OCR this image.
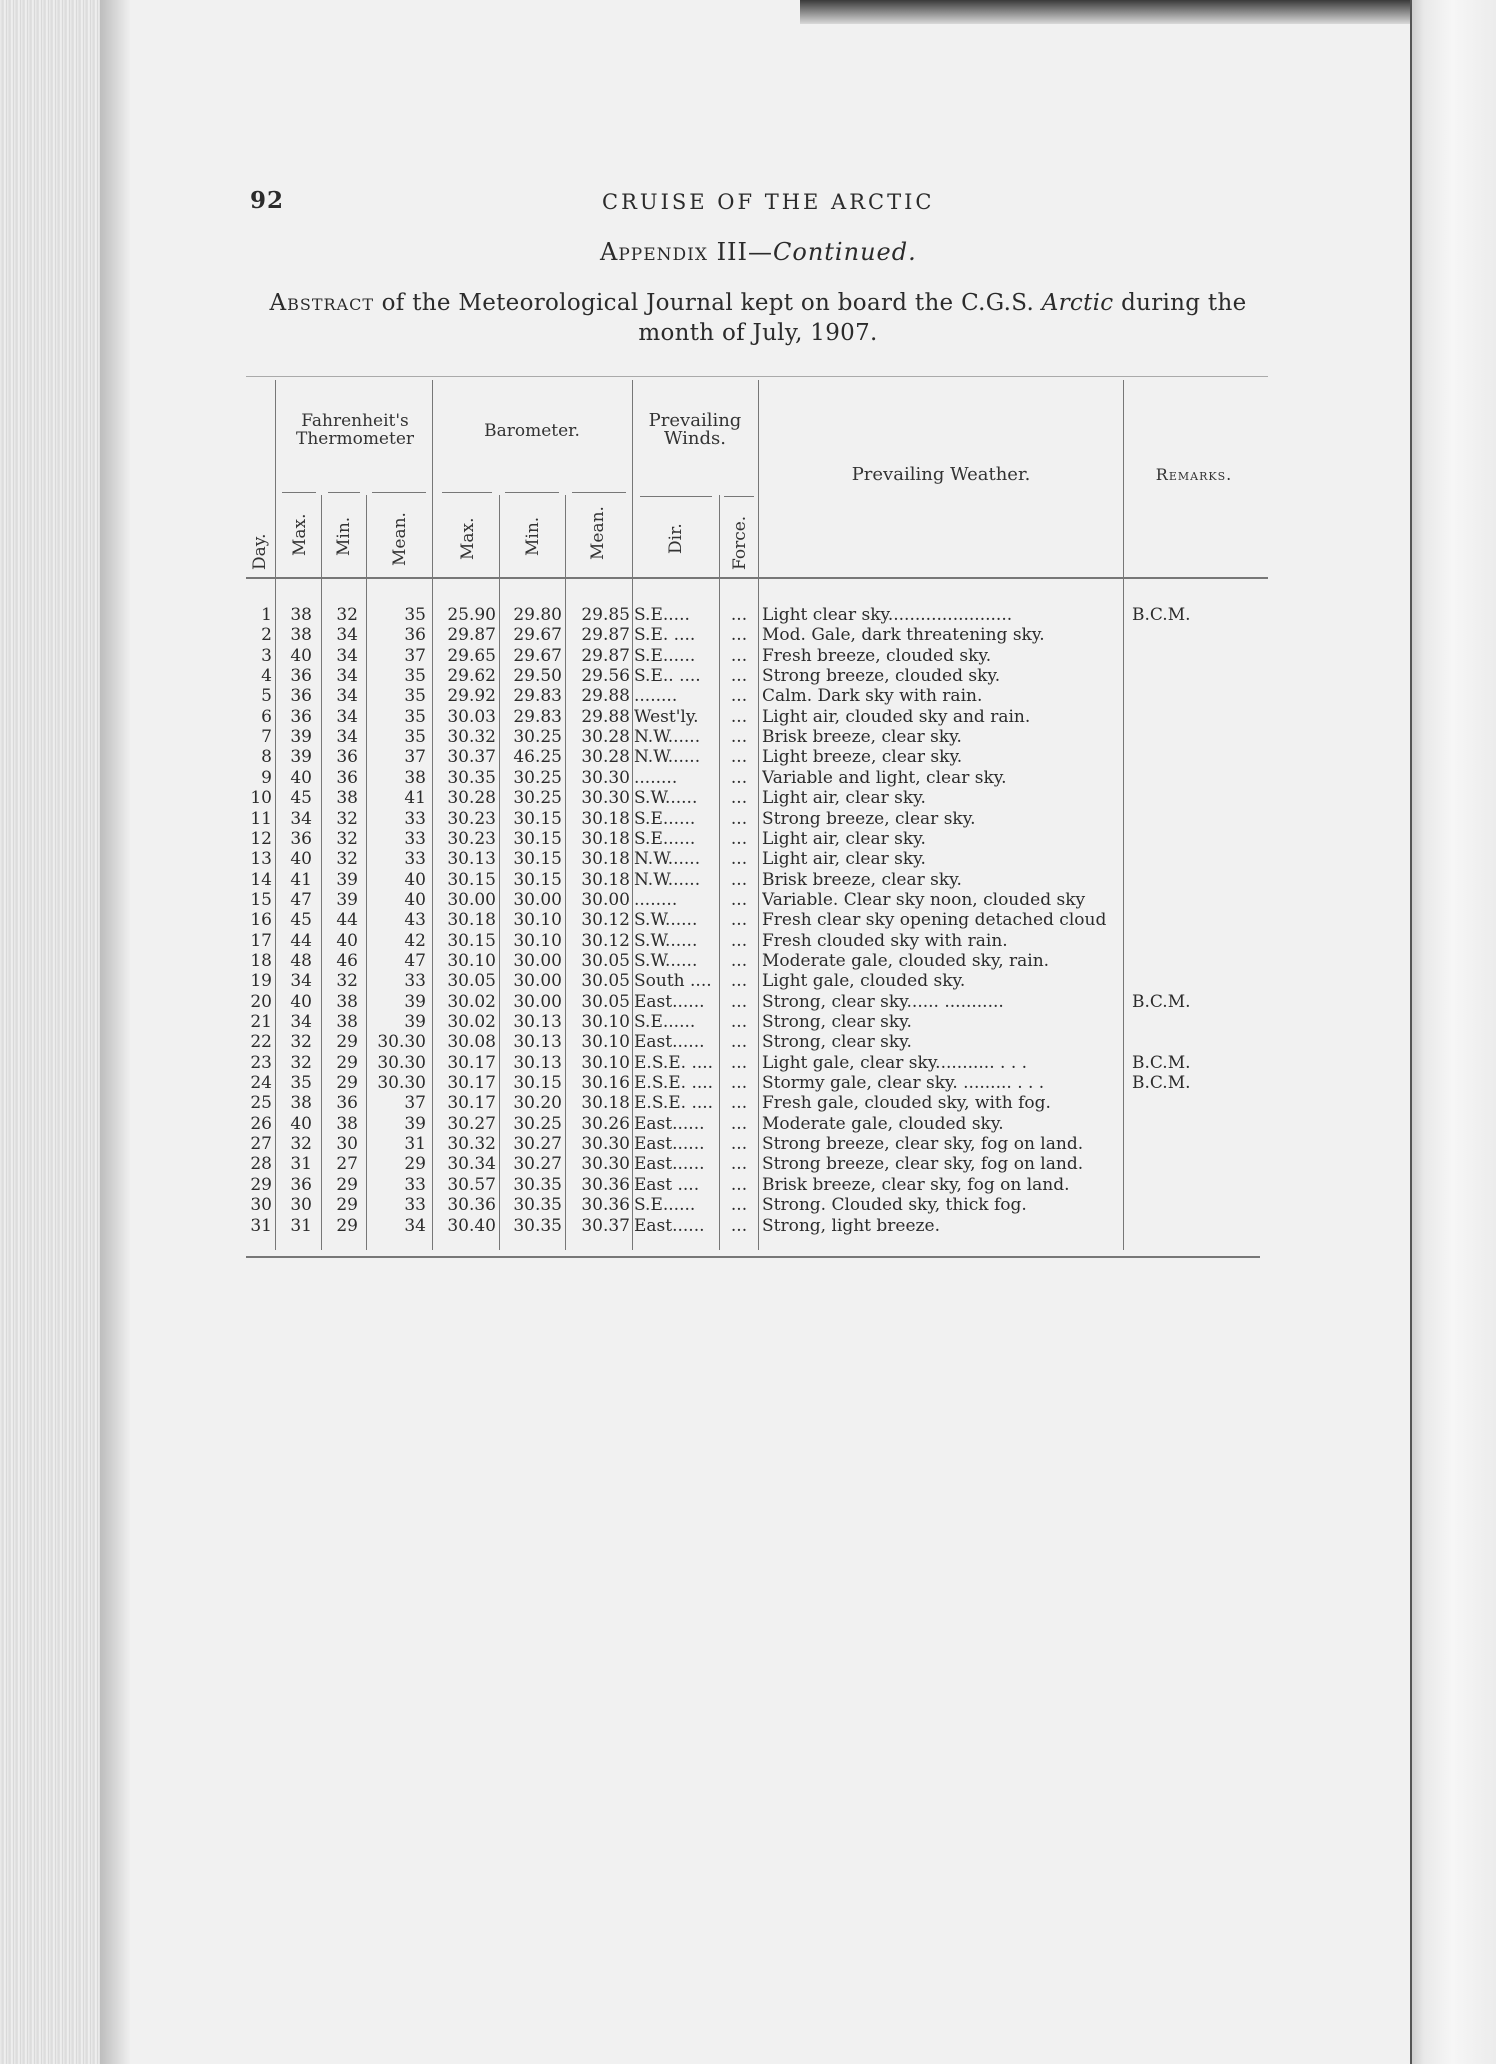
92	CRUISE OF THE ARCTIC
Appendix III—Continued.
Abstract of the Meteorological Journal kept on board the C.G.S. Arctic during the month of July, 1907.
Fahrenheit's Thermometer	Barometer.	Prevailing Winds.
Prevailing Weather.	Remarks.
Day. Max. Min. Mean.	Max.	Min.	Mean.	Dir.	Force.
1	38	32	35	25.90	29.80	29.85 S.E.....	... Light clear sky.......................	B.C.M.
2	38	34	36	29.87	29.67	29.87 S.E. ....	... Mod. Gale, dark threatening sky.
3	40	34	37	29.65	29.67	29.87 S.E......	... Fresh breeze, clouded sky.
4	36	34	35	29.62	29.50	29.56 S.E.. ....	... Strong breeze, clouded sky.
5	36	34	35	29.92	29.83	29.88 ........	... Calm. Dark sky with rain.
6	36	34	35	30.03	29.83	29.88 West'ly.	... Light air, clouded sky and rain.
7	39	34	35	30.32	30.25	30.28 N.W......	... Brisk breeze, clear sky.
8	39	36	37	30.37	46.25	30.28 N.W......	... Light breeze, clear sky.
9	40	36	38	30.35	30.25	30.30 ........	... Variable and light, clear sky.
10	45	38	41	30.28	30.25	30.30 S.W......	... Light air, clear sky.
11	34	32	33	30.23	30.15	30.18 S.E......	... Strong breeze, clear sky.
12	36	32	33	30.23	30.15	30.18 S.E......	... Light air, clear sky.
13	40	32	33	30.13	30.15	30.18 N.W......	... Light air, clear sky.
14	41	39	40	30.15	30.15	30.18 N.W......	... Brisk breeze, clear sky.
15	47	39	40	30.00	30.00	30.00 ........	... Variable. Clear sky noon, clouded sky
16	45	44	43	30.18	30.10	30.12 S.W......	... Fresh clear sky opening detached cloud
17	44	40	42	30.15	30.10	30.12 S.W......	... Fresh clouded sky with rain.
18	48	46	47	30.10	30.00	30.05 S.W......	... Moderate gale, clouded sky, rain.
19	34	32	33	30.05	30.00	30.05 South ....	... Light gale, clouded sky.
20	40	38	39	30.02	30.00	30.05 East......	... Strong, clear sky...... ...........	B.C.M.
21	34	38	39	30.02	30.13	30.10 S.E......	... Strong, clear sky.
22	32	29	30.30	30.08	30.13	30.10 East......	... Strong, clear sky.
23	32	29	30.30	30.17	30.13	30.10 E.S.E. ....	... Light gale, clear sky........... . . .	B.C.M.
24	35	29	30.30	30.17	30.15	30.16 E.S.E. ....	... Stormy gale, clear sky. ......... . . .	B.C.M.
25	38	36	37	30.17	30.20	30.18 E.S.E. ....	... Fresh gale, clouded sky, with fog.
26	40	38	39	30.27	30.25	30.26 East......	... Moderate gale, clouded sky.
27	32	30	31	30.32	30.27	30.30 East......	... Strong breeze, clear sky, fog on land.
28	31	27	29	30.34	30.27	30.30 East......	... Strong breeze, clear sky, fog on land.
29	36	29	33	30.57	30.35	30.36 East ....	... Brisk breeze, clear sky, fog on land.
30	30	29	33	30.36	30.35	30.36 S.E......	... Strong. Clouded sky, thick fog.
31	31	29	34	30.40	30.35	30.37 East......	... Strong, light breeze.
